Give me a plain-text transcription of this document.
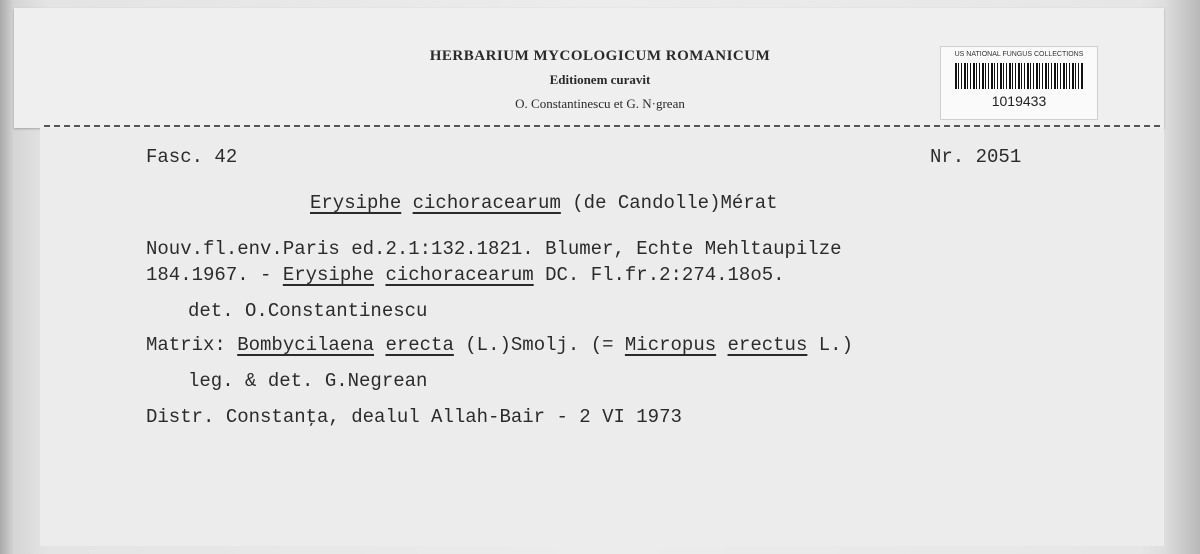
HERBARIUM MYCOLOGICUM ROMANICUM
Editionem curavit
O. Constantinescu et G. N·grean
US NATIONAL FUNGUS COLLECTIONS
1019433
Fasc. 42	Nr. 2051
Erysiphe cichoracearum (de Candolle)Mérat
Nouv.fl.env.Paris ed.2.1:132.1821. Blumer, Echte Mehltaupilze
184.1967. - Erysiphe cichoracearum DC. Fl.fr.2:274.18o5.
det. O.Constantinescu
Matrix: Bombycilaena erecta (L.)Smolj. (= Micropus erectus L.)
leg. & det. G.Negrean
Distr. Constanţa, dealul Allah-Bair - 2 VI 1973
